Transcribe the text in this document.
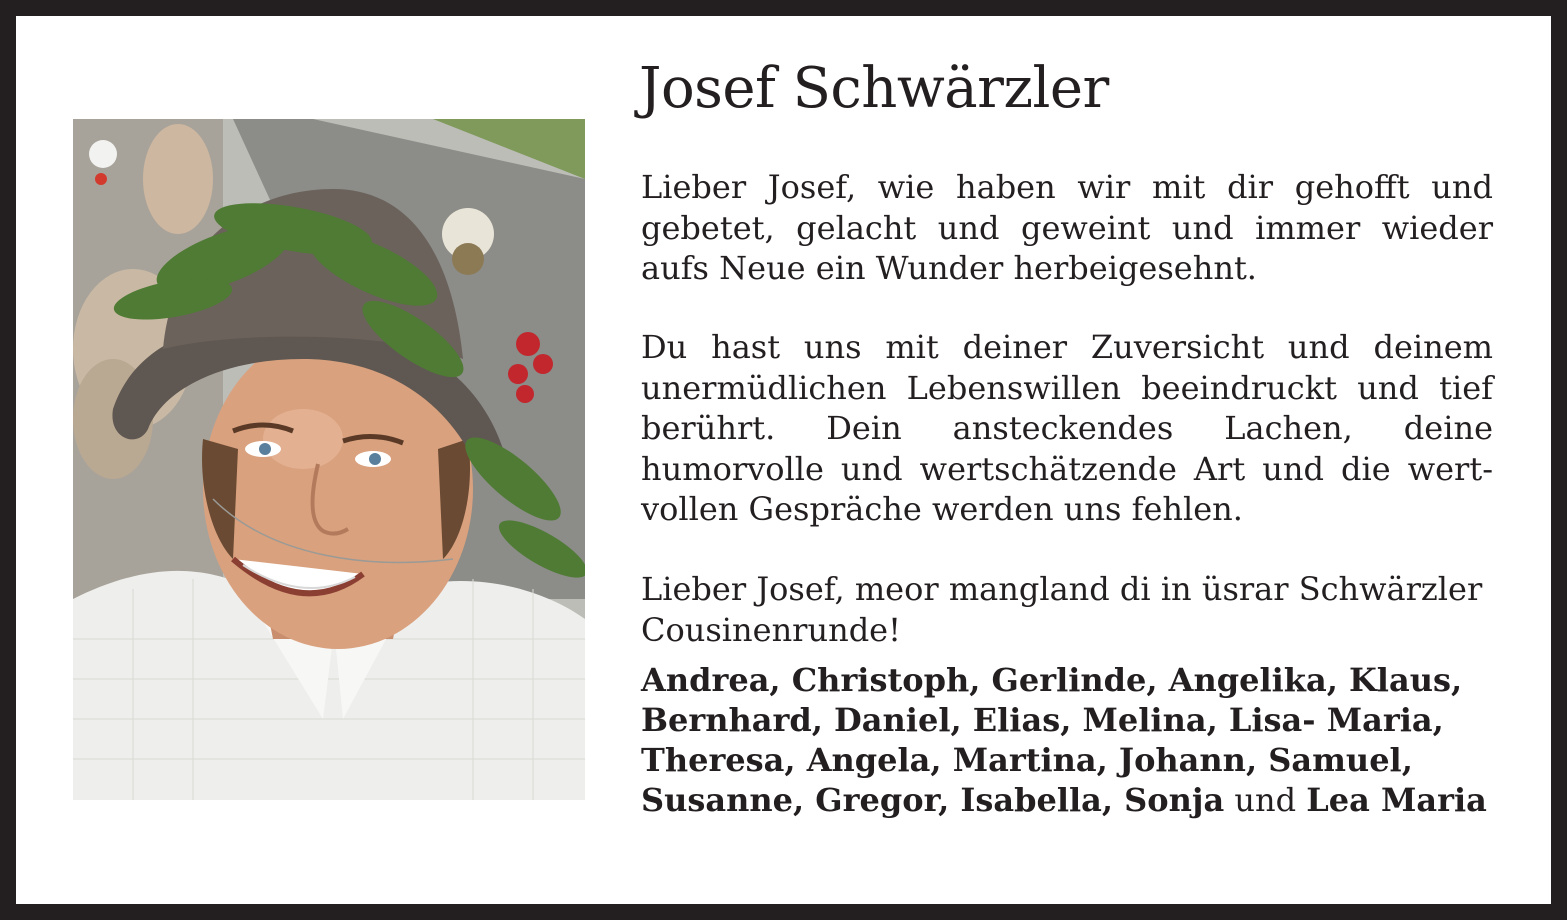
Josef Schwärzler

Lieber Josef, wie haben wir mit dir gehofft und gebetet, gelacht und geweint und immer wieder aufs Neue ein Wunder herbeigesehnt.

Du hast uns mit deiner Zuversicht und deinem unermüdlichen Lebenswillen beeindruckt und tief berührt. Dein ansteckendes Lachen, deine humorvolle und wertschätzende Art und die wert- vollen Gespräche werden uns fehlen.

Lieber Josef, meor mangland di in üsrar Schwärzler Cousinenrunde!

Andrea, Christoph, Gerlinde, Angelika, Klaus, Bernhard, Daniel, Elias, Melina, Lisa- Maria, Theresa, Angela, Martina, Johann, Samuel, Susanne, Gregor, Isabella, Sonja und Lea Maria
